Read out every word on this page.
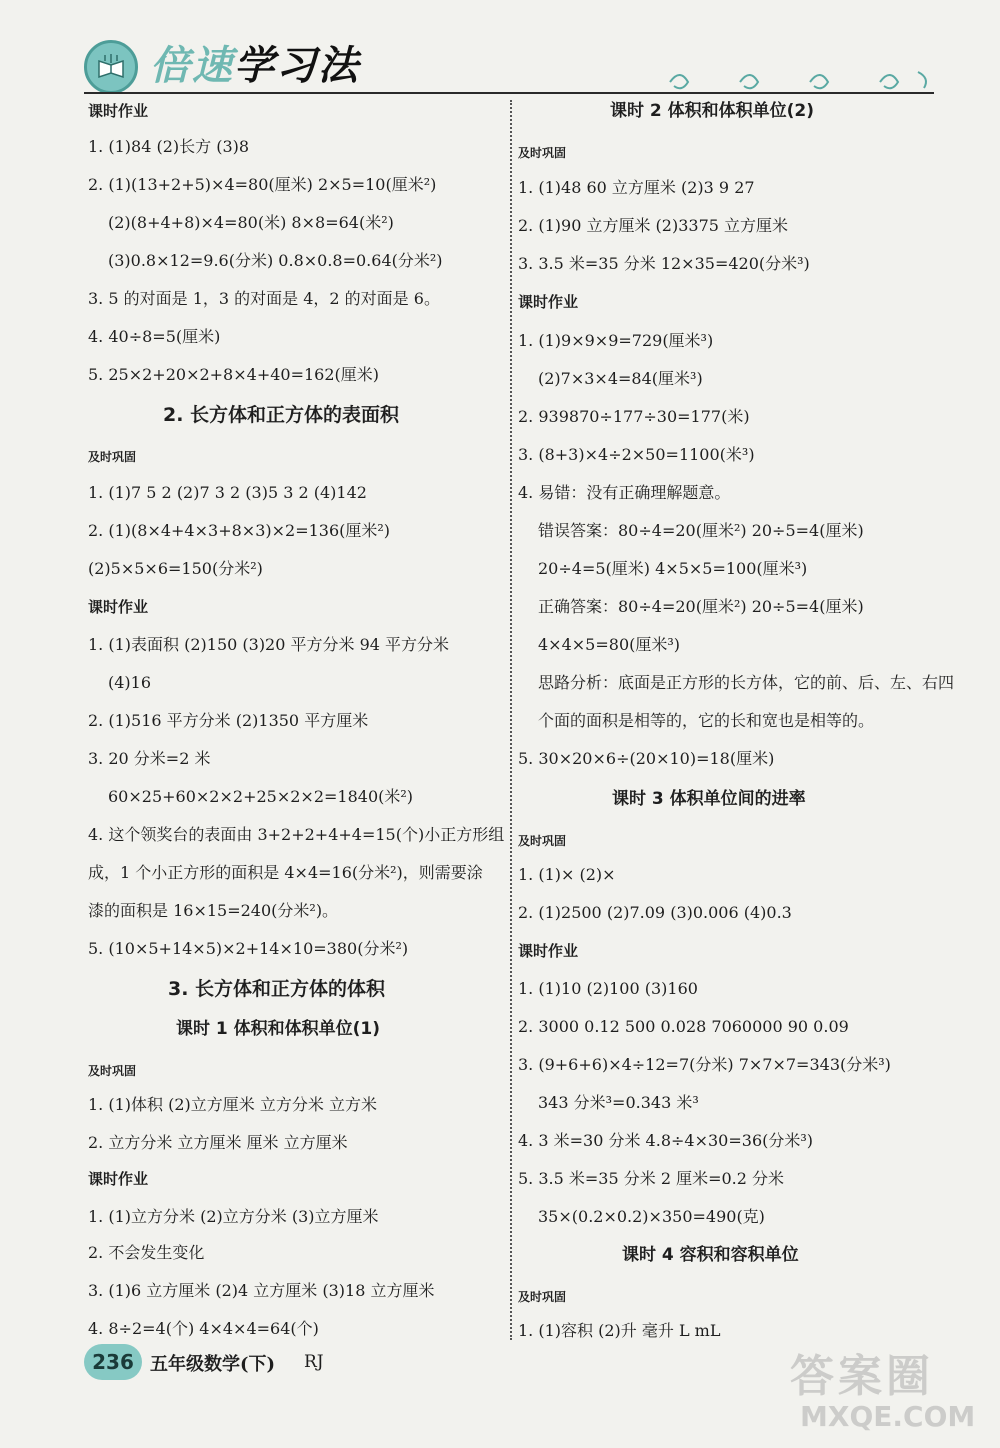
倍速学习法
课时作业
1. (1)84 (2)长方 (3)8
2. (1)(13+2+5)×4=80(厘米) 2×5=10(厘米²)
(2)(8+4+8)×4=80(米) 8×8=64(米²)
(3)0.8×12=9.6(分米) 0.8×0.8=0.64(分米²)
3. 5 的对面是 1，3 的对面是 4，2 的对面是 6。
4. 40÷8=5(厘米)
5. 25×2+20×2+8×4+40=162(厘米)
2. 长方体和正方体的表面积
及时巩固
1. (1)7 5 2 (2)7 3 2 (3)5 3 2 (4)142
2. (1)(8×4+4×3+8×3)×2=136(厘米²)
(2)5×5×6=150(分米²)
课时作业
1. (1)表面积 (2)150 (3)20 平方分米 94 平方分米
(4)16
2. (1)516 平方分米 (2)1350 平方厘米
3. 20 分米=2 米
60×25+60×2×2+25×2×2=1840(米²)
4. 这个领奖台的表面由 3+2+2+4+4=15(个)小正方形组
成，1 个小正方形的面积是 4×4=16(分米²)，则需要涂
漆的面积是 16×15=240(分米²)。
5. (10×5+14×5)×2+14×10=380(分米²)
3. 长方体和正方体的体积
课时 1 体积和体积单位(1)
及时巩固
1. (1)体积 (2)立方厘米 立方分米 立方米
2. 立方分米 立方厘米 厘米 立方厘米
课时作业
1. (1)立方分米 (2)立方分米 (3)立方厘米
2. 不会发生变化
3. (1)6 立方厘米 (2)4 立方厘米 (3)18 立方厘米
4. 8÷2=4(个) 4×4×4=64(个)
课时 2 体积和体积单位(2)
及时巩固
1. (1)48 60 立方厘米 (2)3 9 27
2. (1)90 立方厘米 (2)3375 立方厘米
3. 3.5 米=35 分米 12×35=420(分米³)
课时作业
1. (1)9×9×9=729(厘米³)
(2)7×3×4=84(厘米³)
2. 939870÷177÷30=177(米)
3. (8+3)×4÷2×50=1100(米³)
4. 易错：没有正确理解题意。
错误答案：80÷4=20(厘米²) 20÷5=4(厘米)
20÷4=5(厘米) 4×5×5=100(厘米³)
正确答案：80÷4=20(厘米²) 20÷5=4(厘米)
4×4×5=80(厘米³)
思路分析：底面是正方形的长方体，它的前、后、左、右四
个面的面积是相等的，它的长和宽也是相等的。
5. 30×20×6÷(20×10)=18(厘米)
课时 3 体积单位间的进率
及时巩固
1. (1)× (2)×
2. (1)2500 (2)7.09 (3)0.006 (4)0.3
课时作业
1. (1)10 (2)100 (3)160
2. 3000 0.12 500 0.028 7060000 90 0.09
3. (9+6+6)×4÷12=7(分米) 7×7×7=343(分米³)
343 分米³=0.343 米³
4. 3 米=30 分米 4.8÷4×30=36(分米³)
5. 3.5 米=35 分米 2 厘米=0.2 分米
35×(0.2×0.2)×350=490(克)
课时 4 容积和容积单位
及时巩固
1. (1)容积 (2)升 毫升 L mL
236 五年级数学(下) RJ	答案圈
MXQE.COM
